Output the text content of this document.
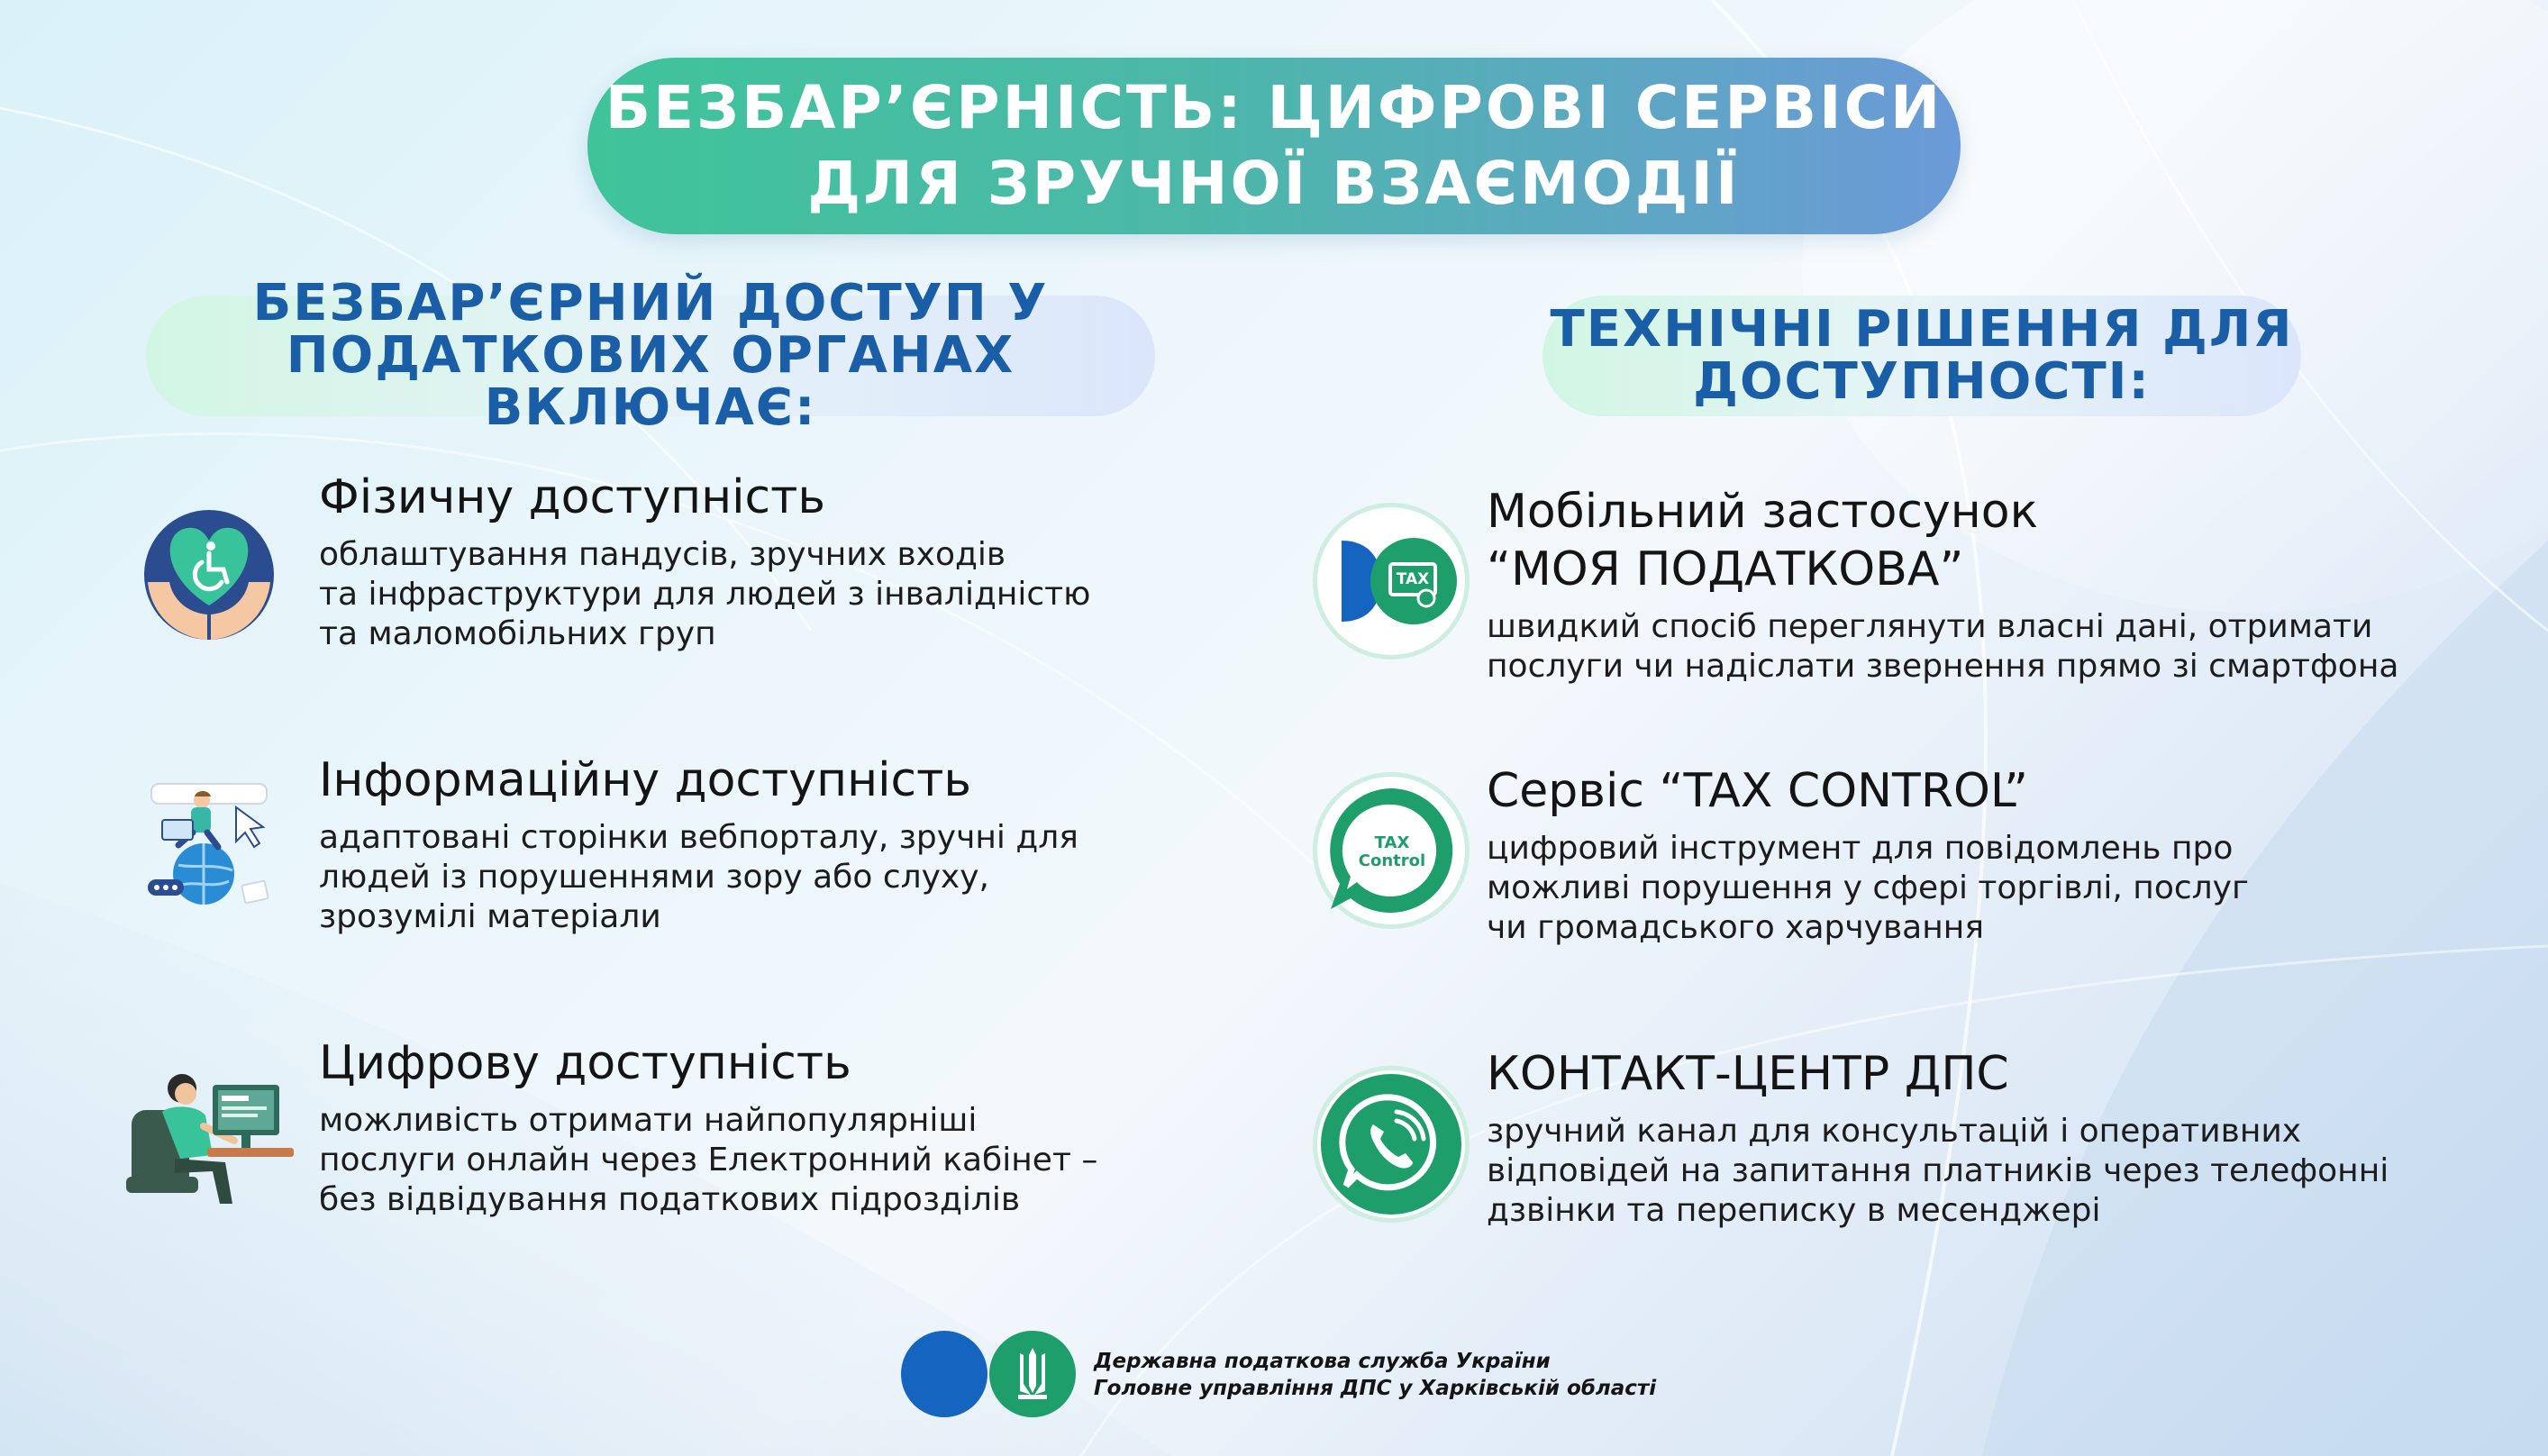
БЕЗБАР’ЄРНІСТЬ: ЦИФРОВІ СЕРВІСИ
ДЛЯ ЗРУЧНОЇ ВЗАЄМОДІЇ
БЕЗБАР’ЄРНИЙ ДОСТУП У
ПОДАТКОВИХ ОРГАНАХ ВКЛЮЧАЄ:
ТЕХНІЧНІ РІШЕННЯ ДЛЯ
ДОСТУПНОСТІ:
Фізичну доступність
облаштування пандусів, зручних входів
та інфраструктури для людей з інвалідністю
та маломобільних груп
Інформаційну доступність
адаптовані сторінки вебпорталу, зручні для
людей із порушеннями зору або слуху,
зрозумілі матеріали
Цифрову доступність
можливість отримати найпопулярніші
послуги онлайн через Електронний кабінет –
без відвідування податкових підрозділів
TAX
TAX
Control
Мобільний застосунок
“МОЯ ПОДАТКОВА”
швидкий спосіб переглянути власні дані, отримати
послуги чи надіслати звернення прямо зі смартфона
Сервіс “TAX CONTROL”
цифровий інструмент для повідомлень про
можливі порушення у сфері торгівлі, послуг
чи громадського харчування
КОНТАКТ-ЦЕНТР ДПС
зручний канал для консультацій і оперативних
відповідей на запитання платників через телефонні
дзвінки та переписку в месенджері
Державна податкова служба України
Головне управління ДПС у Харківській області
